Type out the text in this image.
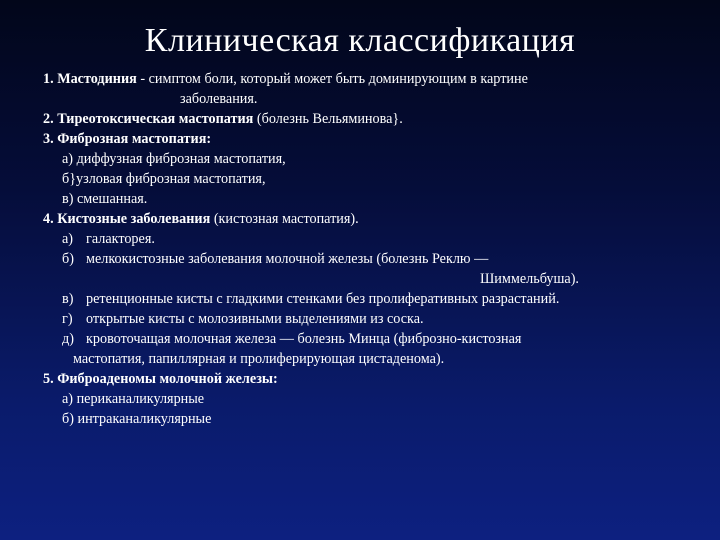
Клиническая классификация
1. Мастодиния - симптом боли, который может быть доминирующим в картине
заболевания.
2. Тиреотоксическая мастопатия (болезнь Вельяминова}.
3. Фиброзная мастопатия:
а) диффузная фиброзная мастопатия,
б}узловая фиброзная мастопатия,
в) смешанная.
4. Кистозные заболевания (кистозная мастопатия).
а) галакторея.
б) мелкокистозные заболевания молочной железы (болезнь Реклю —
Шиммельбуша).
в) ретенционные кисты с гладкими стенками без пролиферативных разрастаний.
г) открытые кисты с молозивными выделениями из соска.
д) кровоточащая молочная железа — болезнь Минца (фиброзно-кистозная
мастопатия, папиллярная и пролиферирующая цистаденома).
5. Фиброаденомы молочной железы:
а) периканаликулярные
б) интраканаликулярные
